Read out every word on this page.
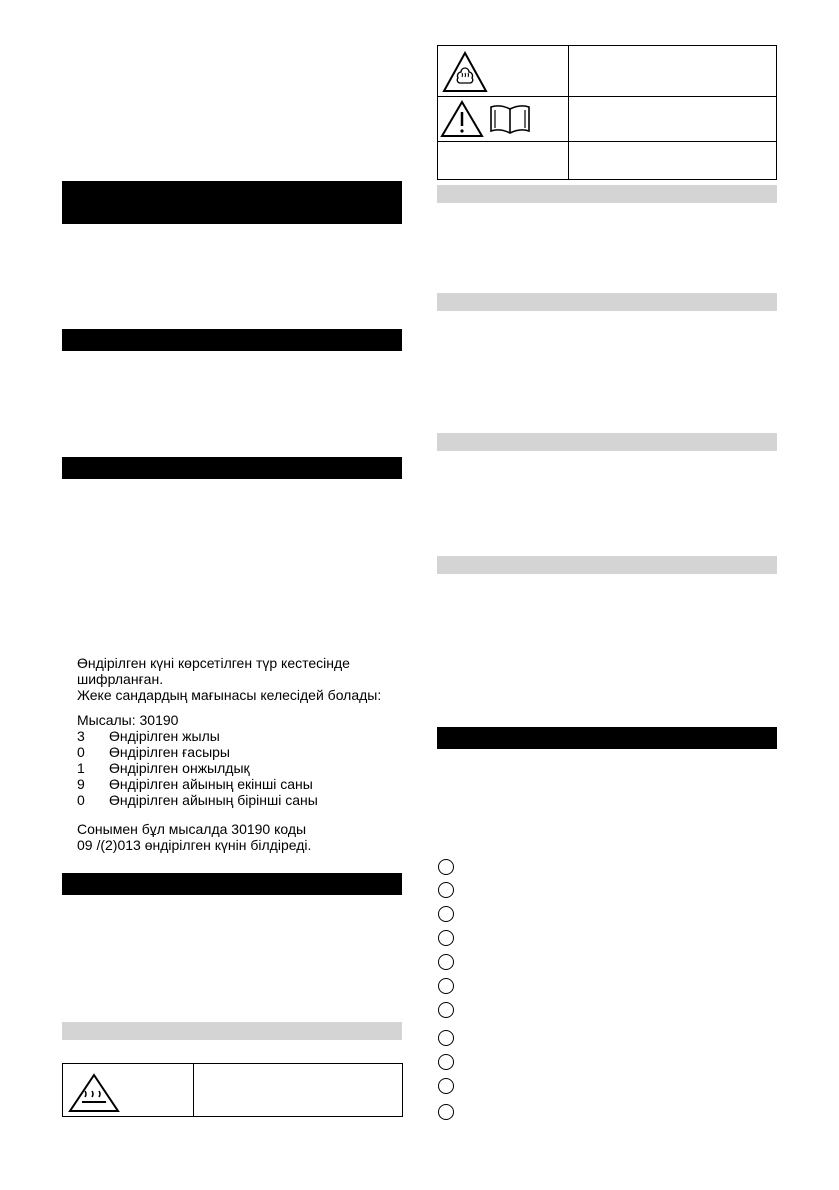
Өндірілген күні көрсетілген түр кестесінде
шифрланған.
Жеке сандардың мағынасы келесідей болады:
Мысалы: 30190
3	Өндірілген жылы
0	Өндірілген ғасыры
1	Өндірілген онжылдық
9	Өндірілген айының екінші саны
0	Өндірілген айының бірінші саны
Сонымен бұл мысалда 30190 коды
09 /(2)013 өндірілген күнін білдіреді.
